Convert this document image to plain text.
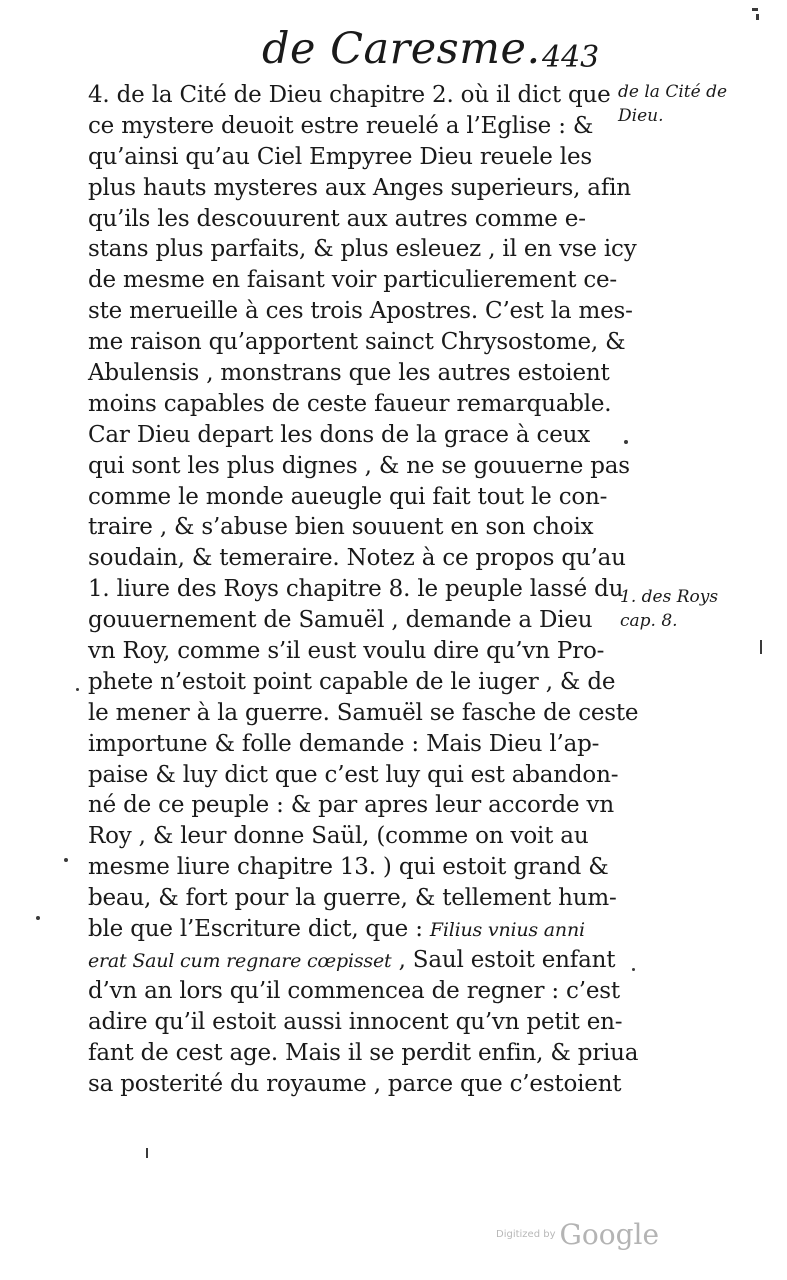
de Caresme. 443
4. de la Cité de Dieu chapitre 2. où il dict que
ce mystere deuoit estre reuelé a l’Eglise : &
qu’ainsi qu’au Ciel Empyree Dieu reuele les
plus hauts mysteres aux Anges superieurs, afin
qu’ils les descouurent aux autres comme e-
stans plus parfaits, & plus esleuez , il en vse icy
de mesme en faisant voir particulierement ce-
ste merueille à ces trois Apostres. C’est la mes-
me raison qu’apportent sainct Chrysostome, &
Abulensis , monstrans que les autres estoient
moins capables de ceste faueur remarquable.
Car Dieu depart les dons de la grace à ceux
qui sont les plus dignes , & ne se gouuerne pas
comme le monde aueugle qui fait tout le con-
traire , & s’abuse bien souuent en son choix
soudain, & temeraire. Notez à ce propos qu’au
1. liure des Roys chapitre 8. le peuple lassé du
gouuernement de Samuël , demande a Dieu
vn Roy, comme s’il eust voulu dire qu’vn Pro-
phete n’estoit point capable de le iuger , & de
le mener à la guerre. Samuël se fasche de ceste
importune & folle demande : Mais Dieu l’ap-
paise & luy dict que c’est luy qui est abandon-
né de ce peuple : & par apres leur accorde vn
Roy , & leur donne Saül, (comme on voit au
mesme liure chapitre 13. ) qui estoit grand &
beau, & fort pour la guerre, & tellement hum-
ble que l’Escriture dict, que : Filius vnius anni
erat Saul cum regnare cœpisset , Saul estoit enfant
d’vn an lors qu’il commencea de regner : c’est
adire qu’il estoit aussi innocent qu’vn petit en-
fant de cest age. Mais il se perdit enfin, & priua
sa posterité du royaume , parce que c’estoient
de la Cité de
Dieu.
1. des Roys
cap. 8.
Digitized by Google
